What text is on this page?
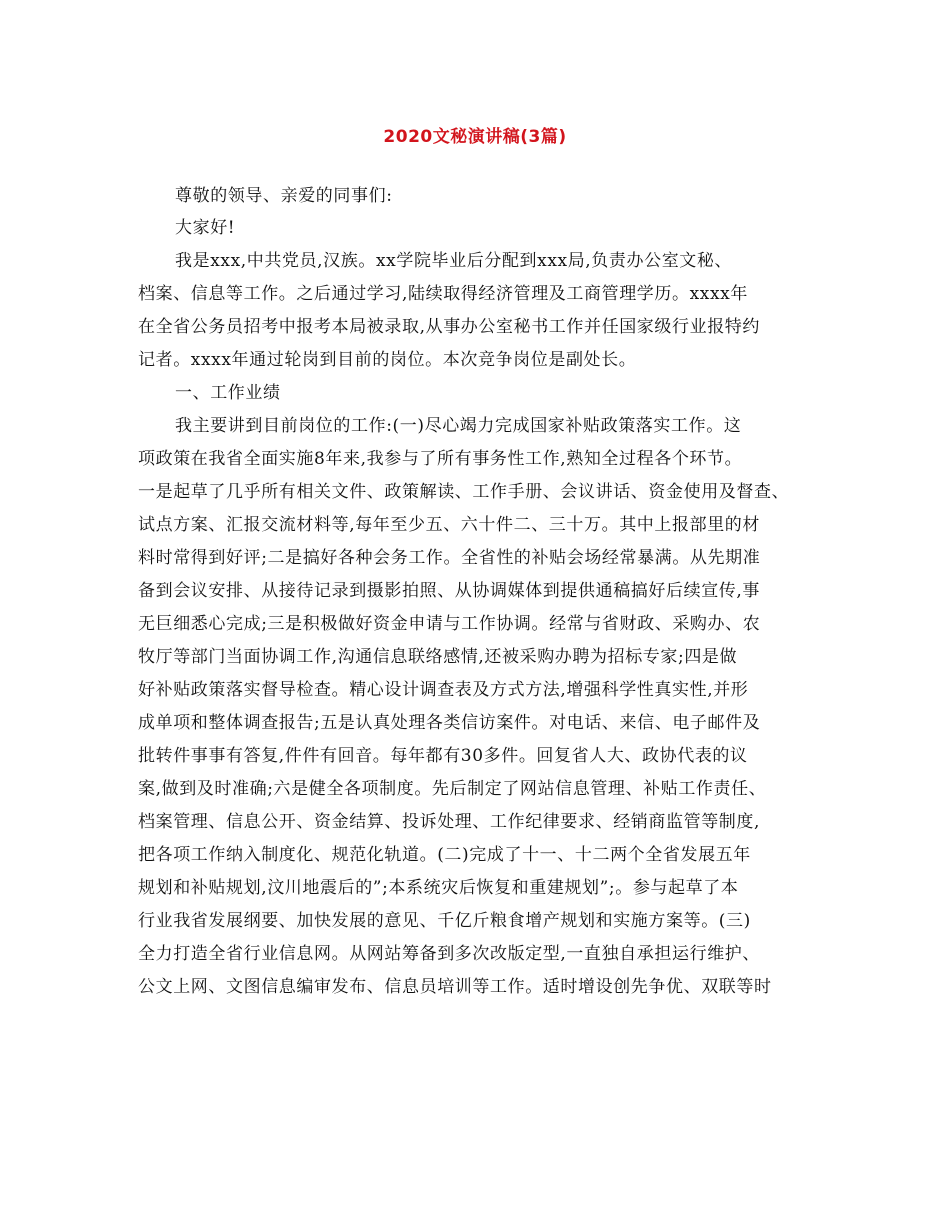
2020文秘演讲稿(3篇)
尊敬的领导、亲爱的同事们:
大家好!
我是xxx,中共党员,汉族。xx学院毕业后分配到xxx局,负责办公室文秘、
档案、信息等工作。之后通过学习,陆续取得经济管理及工商管理学历。xxxx年
在全省公务员招考中报考本局被录取,从事办公室秘书工作并任国家级行业报特约
记者。xxxx年通过轮岗到目前的岗位。本次竞争岗位是副处长。
一、工作业绩
我主要讲到目前岗位的工作:(一)尽心竭力完成国家补贴政策落实工作。这
项政策在我省全面实施8年来,我参与了所有事务性工作,熟知全过程各个环节。
一是起草了几乎所有相关文件、政策解读、工作手册、会议讲话、资金使用及督查、
试点方案、汇报交流材料等,每年至少五、六十件二、三十万。其中上报部里的材
料时常得到好评;二是搞好各种会务工作。全省性的补贴会场经常暴满。从先期准
备到会议安排、从接待记录到摄影拍照、从协调媒体到提供通稿搞好后续宣传,事
无巨细悉心完成;三是积极做好资金申请与工作协调。经常与省财政、采购办、农
牧厅等部门当面协调工作,沟通信息联络感情,还被采购办聘为招标专家;四是做
好补贴政策落实督导检查。精心设计调查表及方式方法,增强科学性真实性,并形
成单项和整体调查报告;五是认真处理各类信访案件。对电话、来信、电子邮件及
批转件事事有答复,件件有回音。每年都有30多件。回复省人大、政协代表的议
案,做到及时准确;六是健全各项制度。先后制定了网站信息管理、补贴工作责任、
档案管理、信息公开、资金结算、投诉处理、工作纪律要求、经销商监管等制度,
把各项工作纳入制度化、规范化轨道。(二)完成了十一、十二两个全省发展五年
规划和补贴规划,汶川地震后的”;本系统灾后恢复和重建规划”;。参与起草了本
行业我省发展纲要、加快发展的意见、千亿斤粮食增产规划和实施方案等。(三)
全力打造全省行业信息网。从网站筹备到多次改版定型,一直独自承担运行维护、
公文上网、文图信息编审发布、信息员培训等工作。适时增设创先争优、双联等时
